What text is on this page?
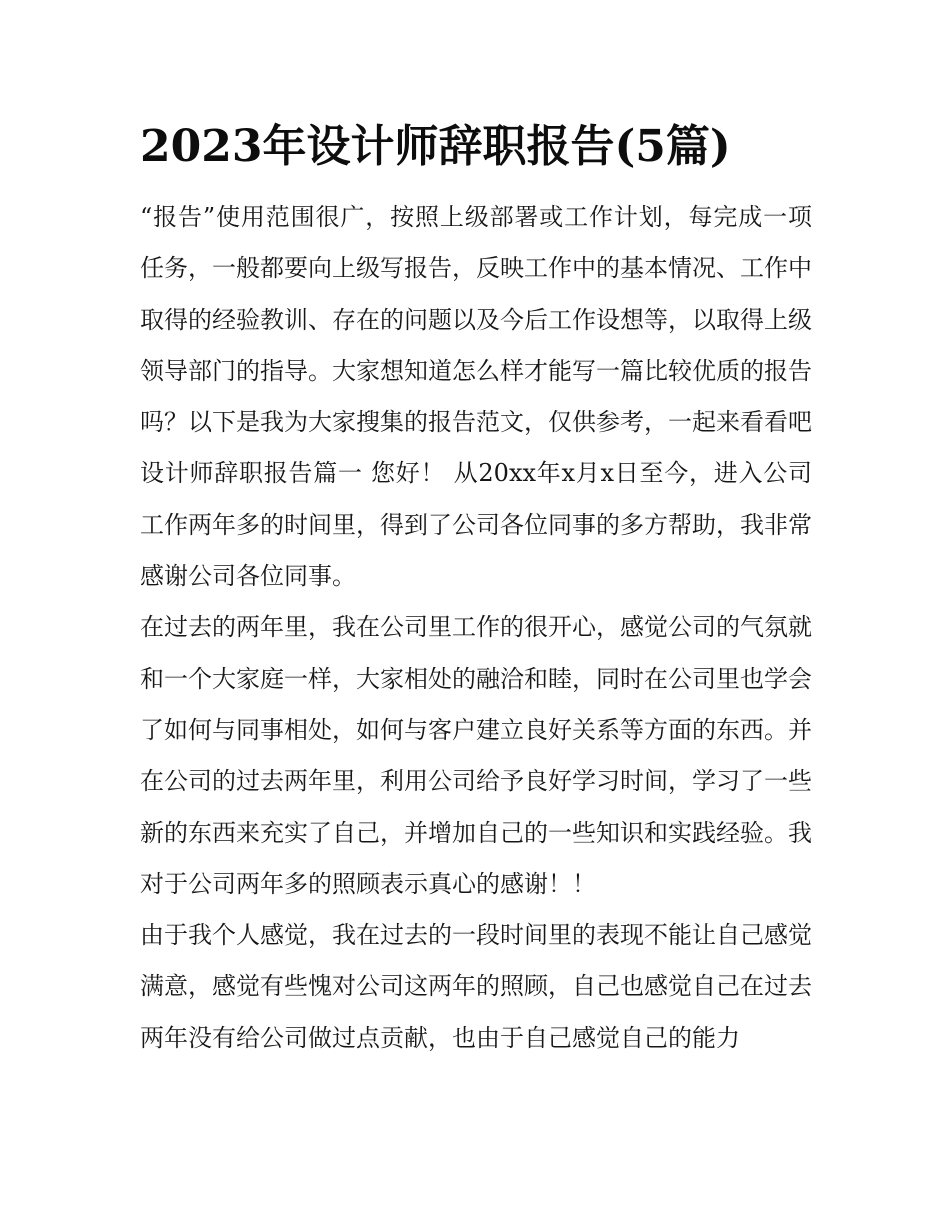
2023年设计师辞职报告(5篇)

“报告”使用范围很广，按照上级部署或工作计划，每完成一项任务，一般都要向上级写报告，反映工作中的基本情况、工作中取得的经验教训、存在的问题以及今后工作设想等，以取得上级领导部门的指导。大家想知道怎么样才能写一篇比较优质的报告吗？以下是我为大家搜集的报告范文，仅供参考，一起来看看吧

设计师辞职报告篇一 您好！ 从20xx年x月x日至今，进入公司工作两年多的时间里，得到了公司各位同事的多方帮助，我非常感谢公司各位同事。

在过去的两年里，我在公司里工作的很开心，感觉公司的气氛就和一个大家庭一样，大家相处的融洽和睦，同时在公司里也学会了如何与同事相处，如何与客户建立良好关系等方面的东西。并在公司的过去两年里，利用公司给予良好学习时间，学习了一些新的东西来充实了自己，并增加自己的一些知识和实践经验。我对于公司两年多的照顾表示真心的感谢！！

由于我个人感觉，我在过去的一段时间里的表现不能让自己感觉满意，感觉有些愧对公司这两年的照顾，自己也感觉自己在过去两年没有给公司做过点贡献，也由于自己感觉自己的能力
